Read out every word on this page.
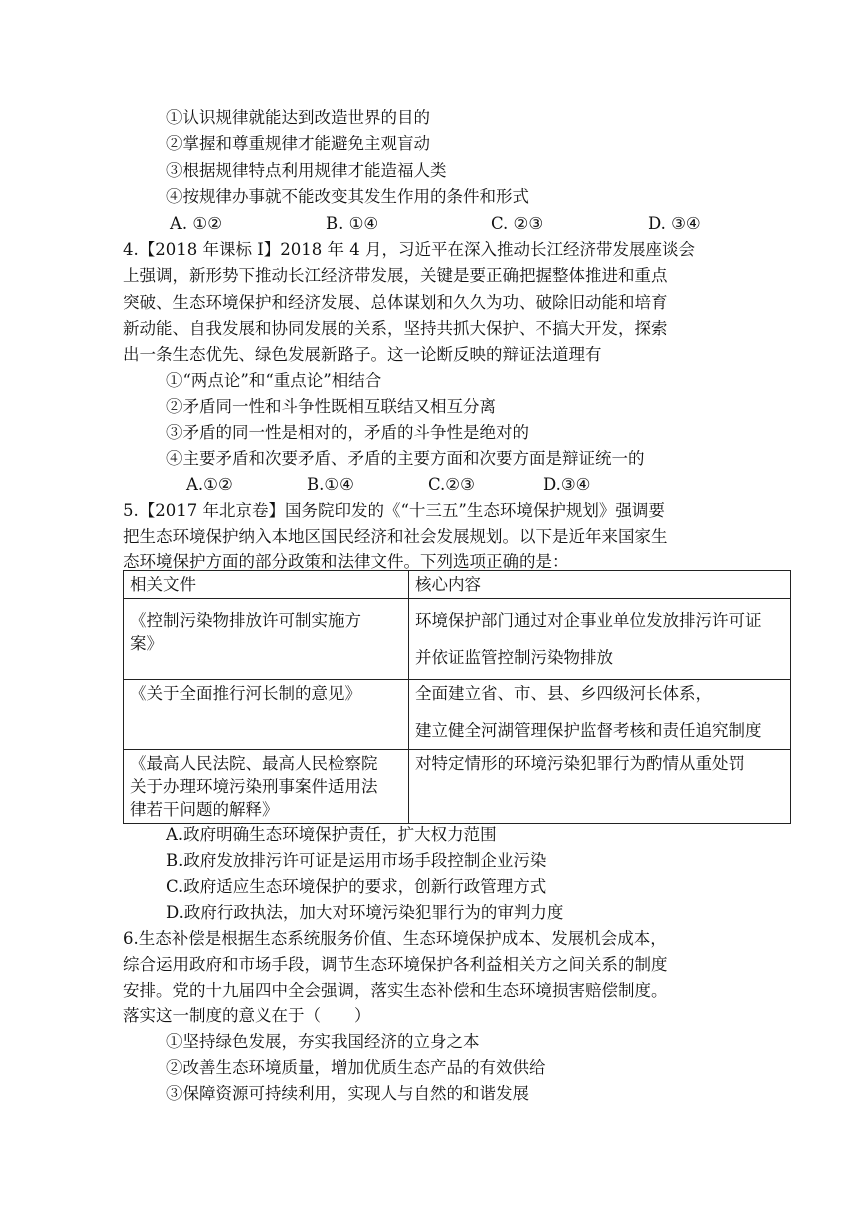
①认识规律就能达到改造世界的目的
②掌握和尊重规律才能避免主观盲动
③根据规律特点利用规律才能造福人类
④按规律办事就不能改变其发生作用的条件和形式
A. ①②	B. ①④	C. ②③	D. ③④
4.【2018 年课标 I】2018 年 4 月，习近平在深入推动长江经济带发展座谈会
上强调，新形势下推动长江经济带发展，关键是要正确把握整体推进和重点
突破、生态环境保护和经济发展、总体谋划和久久为功、破除旧动能和培育
新动能、自我发展和协同发展的关系，坚持共抓大保护、不搞大开发，探索
出一条生态优先、绿色发展新路子。这一论断反映的辩证法道理有
①“两点论”和“重点论”相结合
②矛盾同一性和斗争性既相互联结又相互分离
③矛盾的同一性是相对的，矛盾的斗争性是绝对的
④主要矛盾和次要矛盾、矛盾的主要方面和次要方面是辩证统一的
A.①②	B.①④	C.②③	D.③④
5.【2017 年北京卷】国务院印发的《“十三五”生态环境保护规划》强调要
把生态环境保护纳入本地区国民经济和社会发展规划。以下是近年来国家生
态环境保护方面的部分政策和法律文件。下列选项正确的是：
相关文件	核心内容

《控制污染物排放许可制实施方
案》	环境保护部门通过对企事业单位发放排污许可证
并依证监管控制污染物排放

《关于全面推行河长制的意见》	全面建立省、市、县、乡四级河长体系，
建立健全河湖管理保护监督考核和责任追究制度

《最高人民法院、最高人民检察院
关于办理环境污染刑事案件适用法
律若干问题的解释》	对特定情形的环境污染犯罪行为酌情从重处罚
A.政府明确生态环境保护责任，扩大权力范围
B.政府发放排污许可证是运用市场手段控制企业污染
C.政府适应生态环境保护的要求，创新行政管理方式
D.政府行政执法，加大对环境污染犯罪行为的审判力度
6.生态补偿是根据生态系统服务价值、生态环境保护成本、发展机会成本，
综合运用政府和市场手段，调节生态环境保护各利益相关方之间关系的制度
安排。党的十九届四中全会强调，落实生态补偿和生态环境损害赔偿制度。
落实这一制度的意义在于（　　）
①坚持绿色发展，夯实我国经济的立身之本
②改善生态环境质量，增加优质生态产品的有效供给
③保障资源可持续利用，实现人与自然的和谐发展
